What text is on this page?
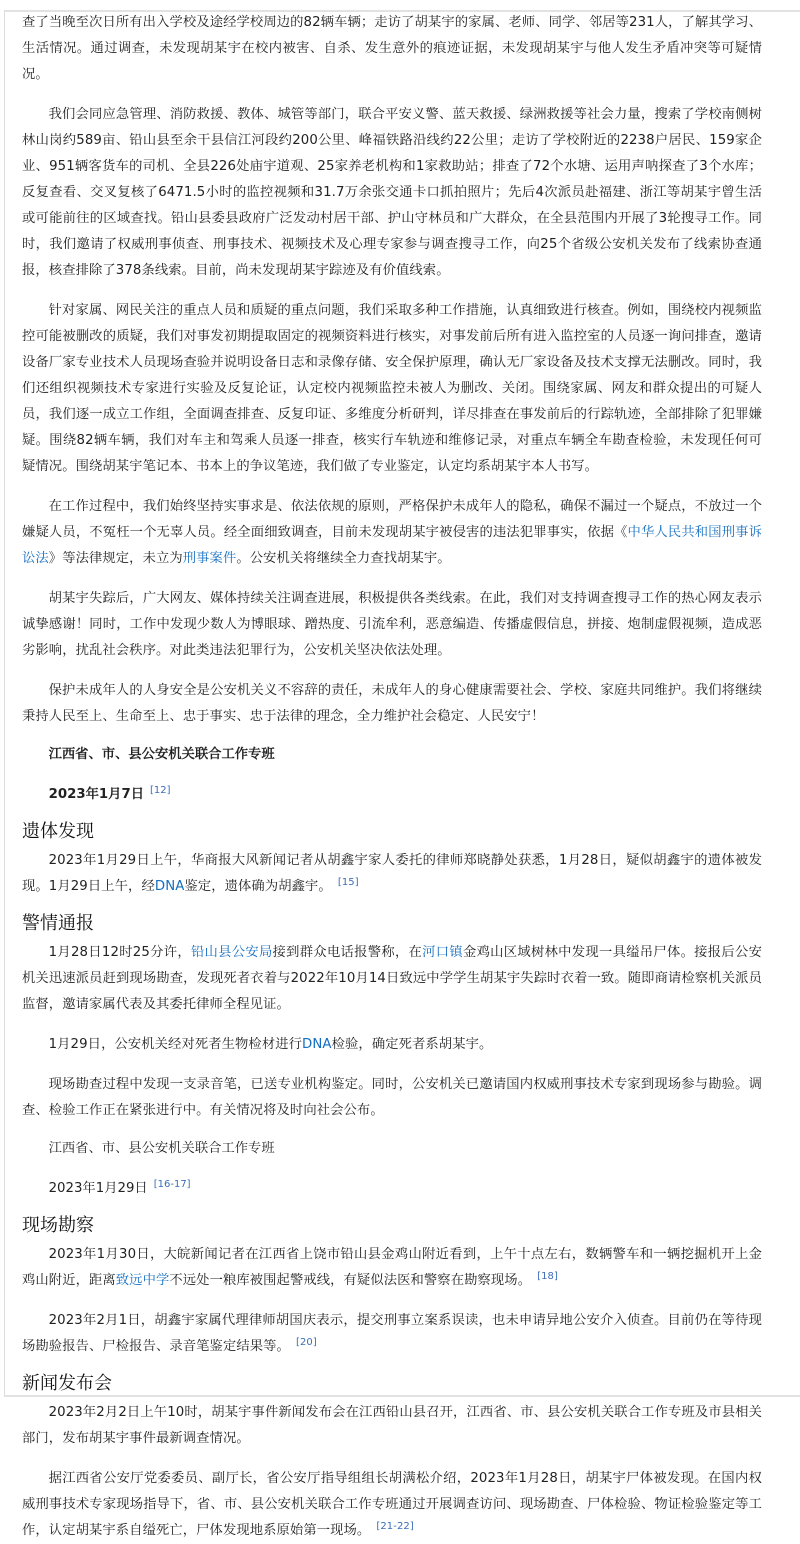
查了当晚至次日所有出入学校及途经学校周边的82辆车辆；走访了胡某宇的家属、老师、同学、邻居等231人，了解其学习、生活情况。通过调查，未发现胡某宇在校内被害、自杀、发生意外的痕迹证据，未发现胡某宇与他人发生矛盾冲突等可疑情况。

我们会同应急管理、消防救援、教体、城管等部门，联合平安义警、蓝天救援、绿洲救援等社会力量，搜索了学校南侧树林山岗约589亩、铅山县至余干县信江河段约200公里、峰福铁路沿线约22公里；走访了学校附近的2238户居民、159家企业、951辆客货车的司机、全县226处庙宇道观、25家养老机构和1家救助站；排查了72个水塘、运用声呐探查了3个水库；反复查看、交叉复核了6471.5小时的监控视频和31.7万余张交通卡口抓拍照片；先后4次派员赴福建、浙江等胡某宇曾生活或可能前往的区域查找。铅山县委县政府广泛发动村居干部、护山守林员和广大群众，在全县范围内开展了3轮搜寻工作。同时，我们邀请了权威刑事侦查、刑事技术、视频技术及心理专家参与调查搜寻工作，向25个省级公安机关发布了线索协查通报，核查排除了378条线索。目前，尚未发现胡某宇踪迹及有价值线索。

针对家属、网民关注的重点人员和质疑的重点问题，我们采取多种工作措施，认真细致进行核查。例如，围绕校内视频监控可能被删改的质疑，我们对事发初期提取固定的视频资料进行核实，对事发前后所有进入监控室的人员逐一询问排查，邀请设备厂家专业技术人员现场查验并说明设备日志和录像存储、安全保护原理，确认无厂家设备及技术支撑无法删改。同时，我们还组织视频技术专家进行实验及反复论证，认定校内视频监控未被人为删改、关闭。围绕家属、网友和群众提出的可疑人员，我们逐一成立工作组，全面调查排查、反复印证、多维度分析研判，详尽排查在事发前后的行踪轨迹，全部排除了犯罪嫌疑。围绕82辆车辆，我们对车主和驾乘人员逐一排查，核实行车轨迹和维修记录，对重点车辆全车勘查检验，未发现任何可疑情况。围绕胡某宇笔记本、书本上的争议笔迹，我们做了专业鉴定，认定均系胡某宇本人书写。

在工作过程中，我们始终坚持实事求是、依法依规的原则，严格保护未成年人的隐私，确保不漏过一个疑点，不放过一个嫌疑人员，不冤枉一个无辜人员。经全面细致调查，目前未发现胡某宇被侵害的违法犯罪事实，依据《中华人民共和国刑事诉讼法》等法律规定，未立为刑事案件。公安机关将继续全力查找胡某宇。

胡某宇失踪后，广大网友、媒体持续关注调查进展，积极提供各类线索。在此，我们对支持调查搜寻工作的热心网友表示诚挚感谢！同时，工作中发现少数人为博眼球、蹭热度、引流牟利，恶意编造、传播虚假信息，拼接、炮制虚假视频，造成恶劣影响，扰乱社会秩序。对此类违法犯罪行为，公安机关坚决依法处理。

保护未成年人的人身安全是公安机关义不容辞的责任，未成年人的身心健康需要社会、学校、家庭共同维护。我们将继续秉持人民至上、生命至上、忠于事实、忠于法律的理念，全力维护社会稳定、人民安宁！

江西省、市、县公安机关联合工作专班
2023年1月7日 [12]
遗体发现

2023年1月29日上午，华商报大风新闻记者从胡鑫宇家人委托的律师郑晓静处获悉，1月28日，疑似胡鑫宇的遗体被发现。1月29日上午，经DNA鉴定，遗体确为胡鑫宇。 [15]

警情通报

1月28日12时25分许，铅山县公安局接到群众电话报警称，在河口镇金鸡山区域树林中发现一具缢吊尸体。接报后公安机关迅速派员赶到现场勘查，发现死者衣着与2022年10月14日致远中学学生胡某宇失踪时衣着一致。随即商请检察机关派员监督，邀请家属代表及其委托律师全程见证。

1月29日，公安机关经对死者生物检材进行DNA检验，确定死者系胡某宇。

现场勘查过程中发现一支录音笔，已送专业机构鉴定。同时，公安机关已邀请国内权威刑事技术专家到现场参与勘验。调查、检验工作正在紧张进行中。有关情况将及时向社会公布。

江西省、市、县公安机关联合工作专班
2023年1月29日 [16-17]
现场勘察

2023年1月30日，大皖新闻记者在江西省上饶市铅山县金鸡山附近看到，上午十点左右，数辆警车和一辆挖掘机开上金鸡山附近，距离致远中学不远处一粮库被围起警戒线，有疑似法医和警察在勘察现场。 [18]

2023年2月1日，胡鑫宇家属代理律师胡国庆表示，提交刑事立案系误读，也未申请异地公安介入侦查。目前仍在等待现场勘验报告、尸检报告、录音笔鉴定结果等。 [20]

新闻发布会

2023年2月2日上午10时，胡某宇事件新闻发布会在江西铅山县召开，江西省、市、县公安机关联合工作专班及市县相关部门，发布胡某宇事件最新调查情况。

据江西省公安厅党委委员、副厅长，省公安厅指导组组长胡满松介绍，2023年1月28日，胡某宇尸体被发现。在国内权威刑事技术专家现场指导下，省、市、县公安机关联合工作专班通过开展调查访问、现场勘查、尸体检验、物证检验鉴定等工作，认定胡某宇系自缢死亡，尸体发现地系原始第一现场。 [21-22]
